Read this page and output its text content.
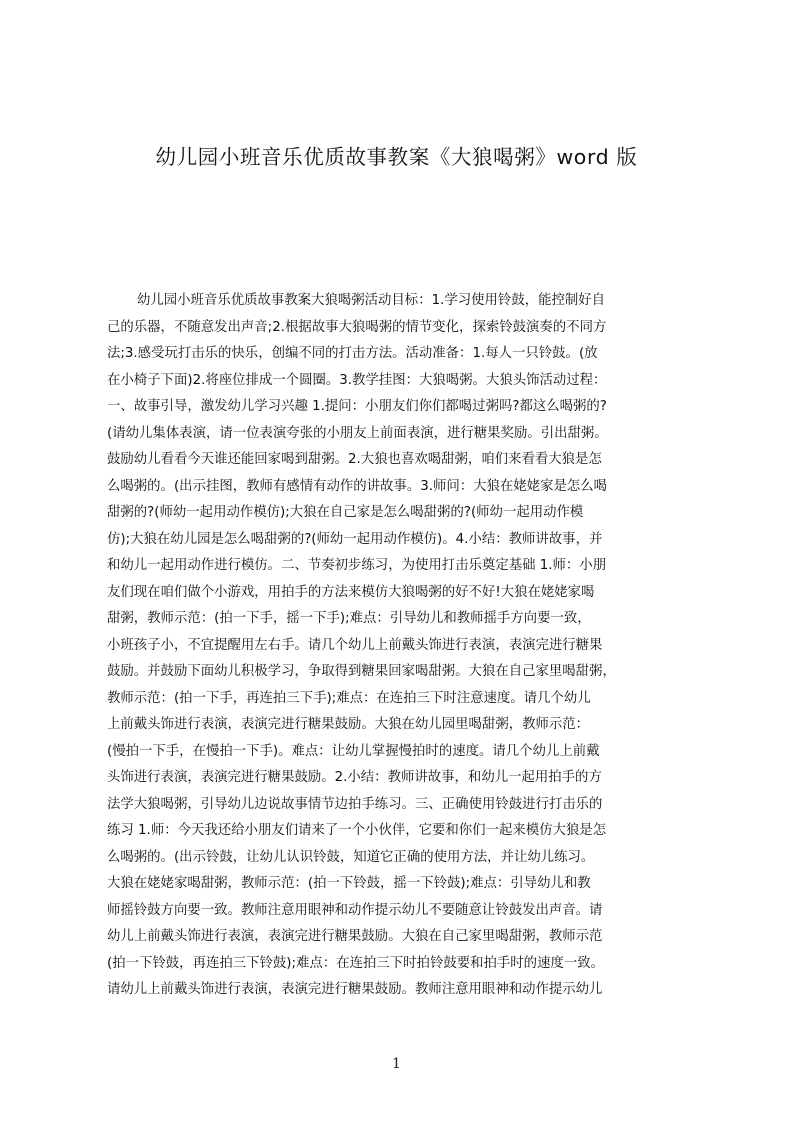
幼儿园小班音乐优质故事教案《大狼喝粥》word 版
幼儿园小班音乐优质故事教案大狼喝粥活动目标：1.学习使用铃鼓，能控制好自
己的乐器，不随意发出声音;2.根据故事大狼喝粥的情节变化，探索铃鼓演奏的不同方
法;3.感受玩打击乐的快乐，创编不同的打击方法。活动准备：1.每人一只铃鼓。(放
在小椅子下面)2.将座位排成一个圆圈。3.教学挂图：大狼喝粥。大狼头饰活动过程：
一、故事引导，激发幼儿学习兴趣 1.提问：小朋友们你们都喝过粥吗?都这么喝粥的?
(请幼儿集体表演，请一位表演夸张的小朋友上前面表演，进行糖果奖励。引出甜粥。
鼓励幼儿看看今天谁还能回家喝到甜粥。2.大狼也喜欢喝甜粥，咱们来看看大狼是怎
么喝粥的。(出示挂图，教师有感情有动作的讲故事。3.师问：大狼在姥姥家是怎么喝
甜粥的?(师幼一起用动作模仿);大狼在自己家是怎么喝甜粥的?(师幼一起用动作模
仿);大狼在幼儿园是怎么喝甜粥的?(师幼一起用动作模仿)。4.小结：教师讲故事，并
和幼儿一起用动作进行模仿。二、节奏初步练习，为使用打击乐奠定基础 1.师：小朋
友们现在咱们做个小游戏，用拍手的方法来模仿大狼喝粥的好不好!大狼在姥姥家喝
甜粥，教师示范：(拍一下手，摇一下手);难点：引导幼儿和教师摇手方向要一致，
小班孩子小，不宜提醒用左右手。请几个幼儿上前戴头饰进行表演，表演完进行糖果
鼓励。并鼓励下面幼儿积极学习，争取得到糖果回家喝甜粥。大狼在自己家里喝甜粥，
教师示范：(拍一下手，再连拍三下手);难点：在连拍三下时注意速度。请几个幼儿
上前戴头饰进行表演，表演完进行糖果鼓励。大狼在幼儿园里喝甜粥，教师示范：
(慢拍一下手，在慢拍一下手)。难点：让幼儿掌握慢拍时的速度。请几个幼儿上前戴
头饰进行表演，表演完进行糖果鼓励。2.小结：教师讲故事，和幼儿一起用拍手的方
法学大狼喝粥，引导幼儿边说故事情节边拍手练习。三、正确使用铃鼓进行打击乐的
练习 1.师：今天我还给小朋友们请来了一个小伙伴，它要和你们一起来模仿大狼是怎
么喝粥的。(出示铃鼓，让幼儿认识铃鼓，知道它正确的使用方法，并让幼儿练习。
大狼在姥姥家喝甜粥，教师示范：(拍一下铃鼓，摇一下铃鼓);难点：引导幼儿和教
师摇铃鼓方向要一致。教师注意用眼神和动作提示幼儿不要随意让铃鼓发出声音。请
幼儿上前戴头饰进行表演，表演完进行糖果鼓励。大狼在自己家里喝甜粥，教师示范
(拍一下铃鼓，再连拍三下铃鼓);难点：在连拍三下时拍铃鼓要和拍手时的速度一致。
请幼儿上前戴头饰进行表演，表演完进行糖果鼓励。教师注意用眼神和动作提示幼儿
1
